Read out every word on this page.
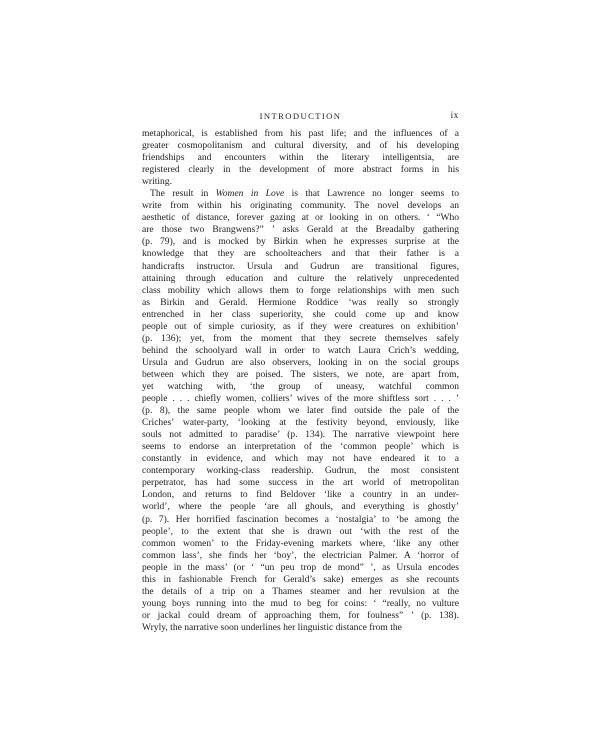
INTRODUCTION	ix
metaphorical, is established from his past life; and the influences of a
greater cosmopolitanism and cultural diversity, and of his developing
friendships and encounters within the literary intelligentsia, are
registered clearly in the development of more abstract forms in his
writing.
The result in Women in Love is that Lawrence no longer seems to
write from within his originating community. The novel develops an
aesthetic of distance, forever gazing at or looking in on others. ‘ “Who
are those two Brangwens?” ’ asks Gerald at the Breadalby gathering
(p. 79), and is mocked by Birkin when he expresses surprise at the
knowledge that they are schoolteachers and that their father is a
handicrafts instructor. Ursula and Gudrun are transitional figures,
attaining through education and culture the relatively unprecedented
class mobility which allows them to forge relationships with men such
as Birkin and Gerald. Hermione Roddice ‘was really so strongly
entrenched in her class superiority, she could come up and know
people out of simple curiosity, as if they were creatures on exhibition’
(p. 136); yet, from the moment that they secrete themselves safely
behind the schoolyard wall in order to watch Laura Crich’s wedding,
Ursula and Gudrun are also observers, looking in on the social groups
between which they are poised. The sisters, we note, are apart from,
yet watching with, ‘the group of uneasy, watchful common
people . . . chiefly women, colliers’ wives of the more shiftless sort . . . ’
(p. 8), the same people whom we later find outside the pale of the
Criches’ water-party, ‘looking at the festivity beyond, enviously, like
souls not admitted to paradise’ (p. 134). The narrative viewpoint here
seems to endorse an interpretation of the ‘common people’ which is
constantly in evidence, and which may not have endeared it to a
contemporary working-class readership. Gudrun, the most consistent
perpetrator, has had some success in the art world of metropolitan
London, and returns to find Beldover ‘like a country in an under-
world’, where the people ‘are all ghouls, and everything is ghostly’
(p. 7). Her horrified fascination becomes a ‘nostalgia’ to ‘be among the
people’, to the extent that she is drawn out ‘with the rest of the
common women’ to the Friday-evening markets where, ‘like any other
common lass’, she finds her ‘boy’, the electrician Palmer. A ‘horror of
people in the mass’ (or ‘ “un peu trop de mond” ’, as Ursula encodes
this in fashionable French for Gerald’s sake) emerges as she recounts
the details of a trip on a Thames steamer and her revulsion at the
young boys running into the mud to beg for coins: ‘ “really, no vulture
or jackal could dream of approaching them, for foulness” ’ (p. 138).
Wryly, the narrative soon underlines her linguistic distance from the
